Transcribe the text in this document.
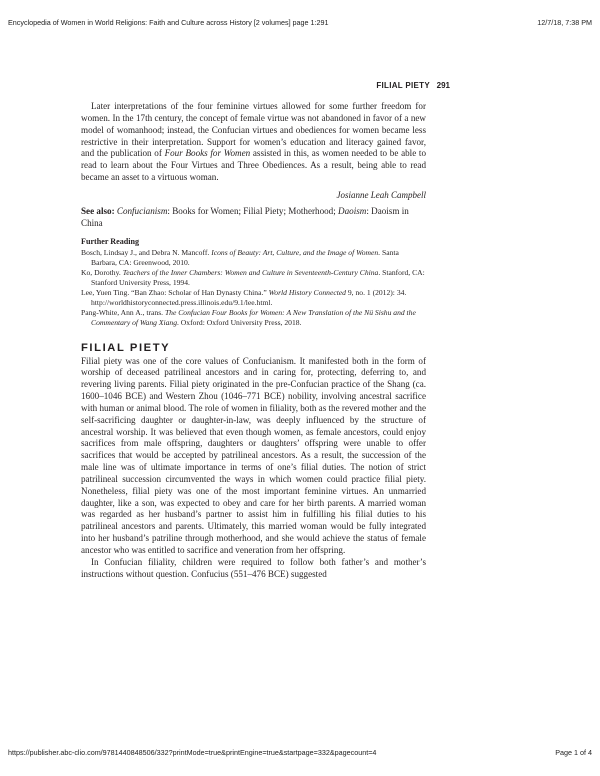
Encyclopedia of Women in World Religions: Faith and Culture across History [2 volumes] page 1:291	12/7/18, 7:38 PM
FILIAL PIETY 291

Later interpretations of the four feminine virtues allowed for some further freedom for women. In the 17th century, the concept of female virtue was not abandoned in favor of a new model of womanhood; instead, the Confucian virtues and obediences for women became less restrictive in their interpretation. Support for women’s education and literacy gained favor, and the publication of Four Books for Women assisted in this, as women needed to be able to read to learn about the Four Virtues and Three Obediences. As a result, being able to read became an asset to a virtuous woman.

Josianne Leah Campbell
See also: Confucianism: Books for Women; Filial Piety; Motherhood; Daoism: Daoism in China
Further Reading

Bosch, Lindsay J., and Debra N. Mancoff. Icons of Beauty: Art, Culture, and the Image of Women. Santa Barbara, CA: Greenwood, 2010.

Ko, Dorothy. Teachers of the Inner Chambers: Women and Culture in Seventeenth-Century China. Stanford, CA: Stanford University Press, 1994.

Lee, Yuen Ting. “Ban Zhao: Scholar of Han Dynasty China.” World History Connected 9, no. 1 (2012): 34. http://worldhistoryconnected.press.illinois.edu/9.1/lee.html.

Pang-White, Ann A., trans. The Confucian Four Books for Women: A New Translation of the Nü Sishu and the Commentary of Wang Xiang. Oxford: Oxford University Press, 2018.

FILIAL PIETY

Filial piety was one of the core values of Confucianism. It manifested both in the form of worship of deceased patrilineal ancestors and in caring for, protecting, deferring to, and revering living parents. Filial piety originated in the pre-Confucian practice of the Shang (ca. 1600–1046 BCE) and Western Zhou (1046–771 BCE) nobility, involving ancestral sacrifice with human or animal blood. The role of women in filiality, both as the revered mother and the self-sacrificing daughter or daughter-in-law, was deeply influenced by the structure of ancestral worship. It was believed that even though women, as female ancestors, could enjoy sacrifices from male offspring, daughters or daughters’ offspring were unable to offer sacrifices that would be accepted by patrilineal ancestors. As a result, the succession of the male line was of ultimate importance in terms of one’s filial duties. The notion of strict patrilineal succession circumvented the ways in which women could practice filial piety. Nonetheless, filial piety was one of the most important feminine virtues. An unmarried daughter, like a son, was expected to obey and care for her birth parents. A married woman was regarded as her husband’s partner to assist him in fulfilling his filial duties to his patrilineal ancestors and parents. Ultimately, this married woman would be fully integrated into her husband’s patriline through motherhood, and she would achieve the status of female ancestor who was entitled to sacrifice and veneration from her offspring.

In Confucian filiality, children were required to follow both father’s and mother’s instructions without question. Confucius (551–476 BCE) suggested

https://publisher.abc-clio.com/9781440848506/332?printMode=true&printEngine=true&startpage=332&pagecount=4	Page 1 of 4
